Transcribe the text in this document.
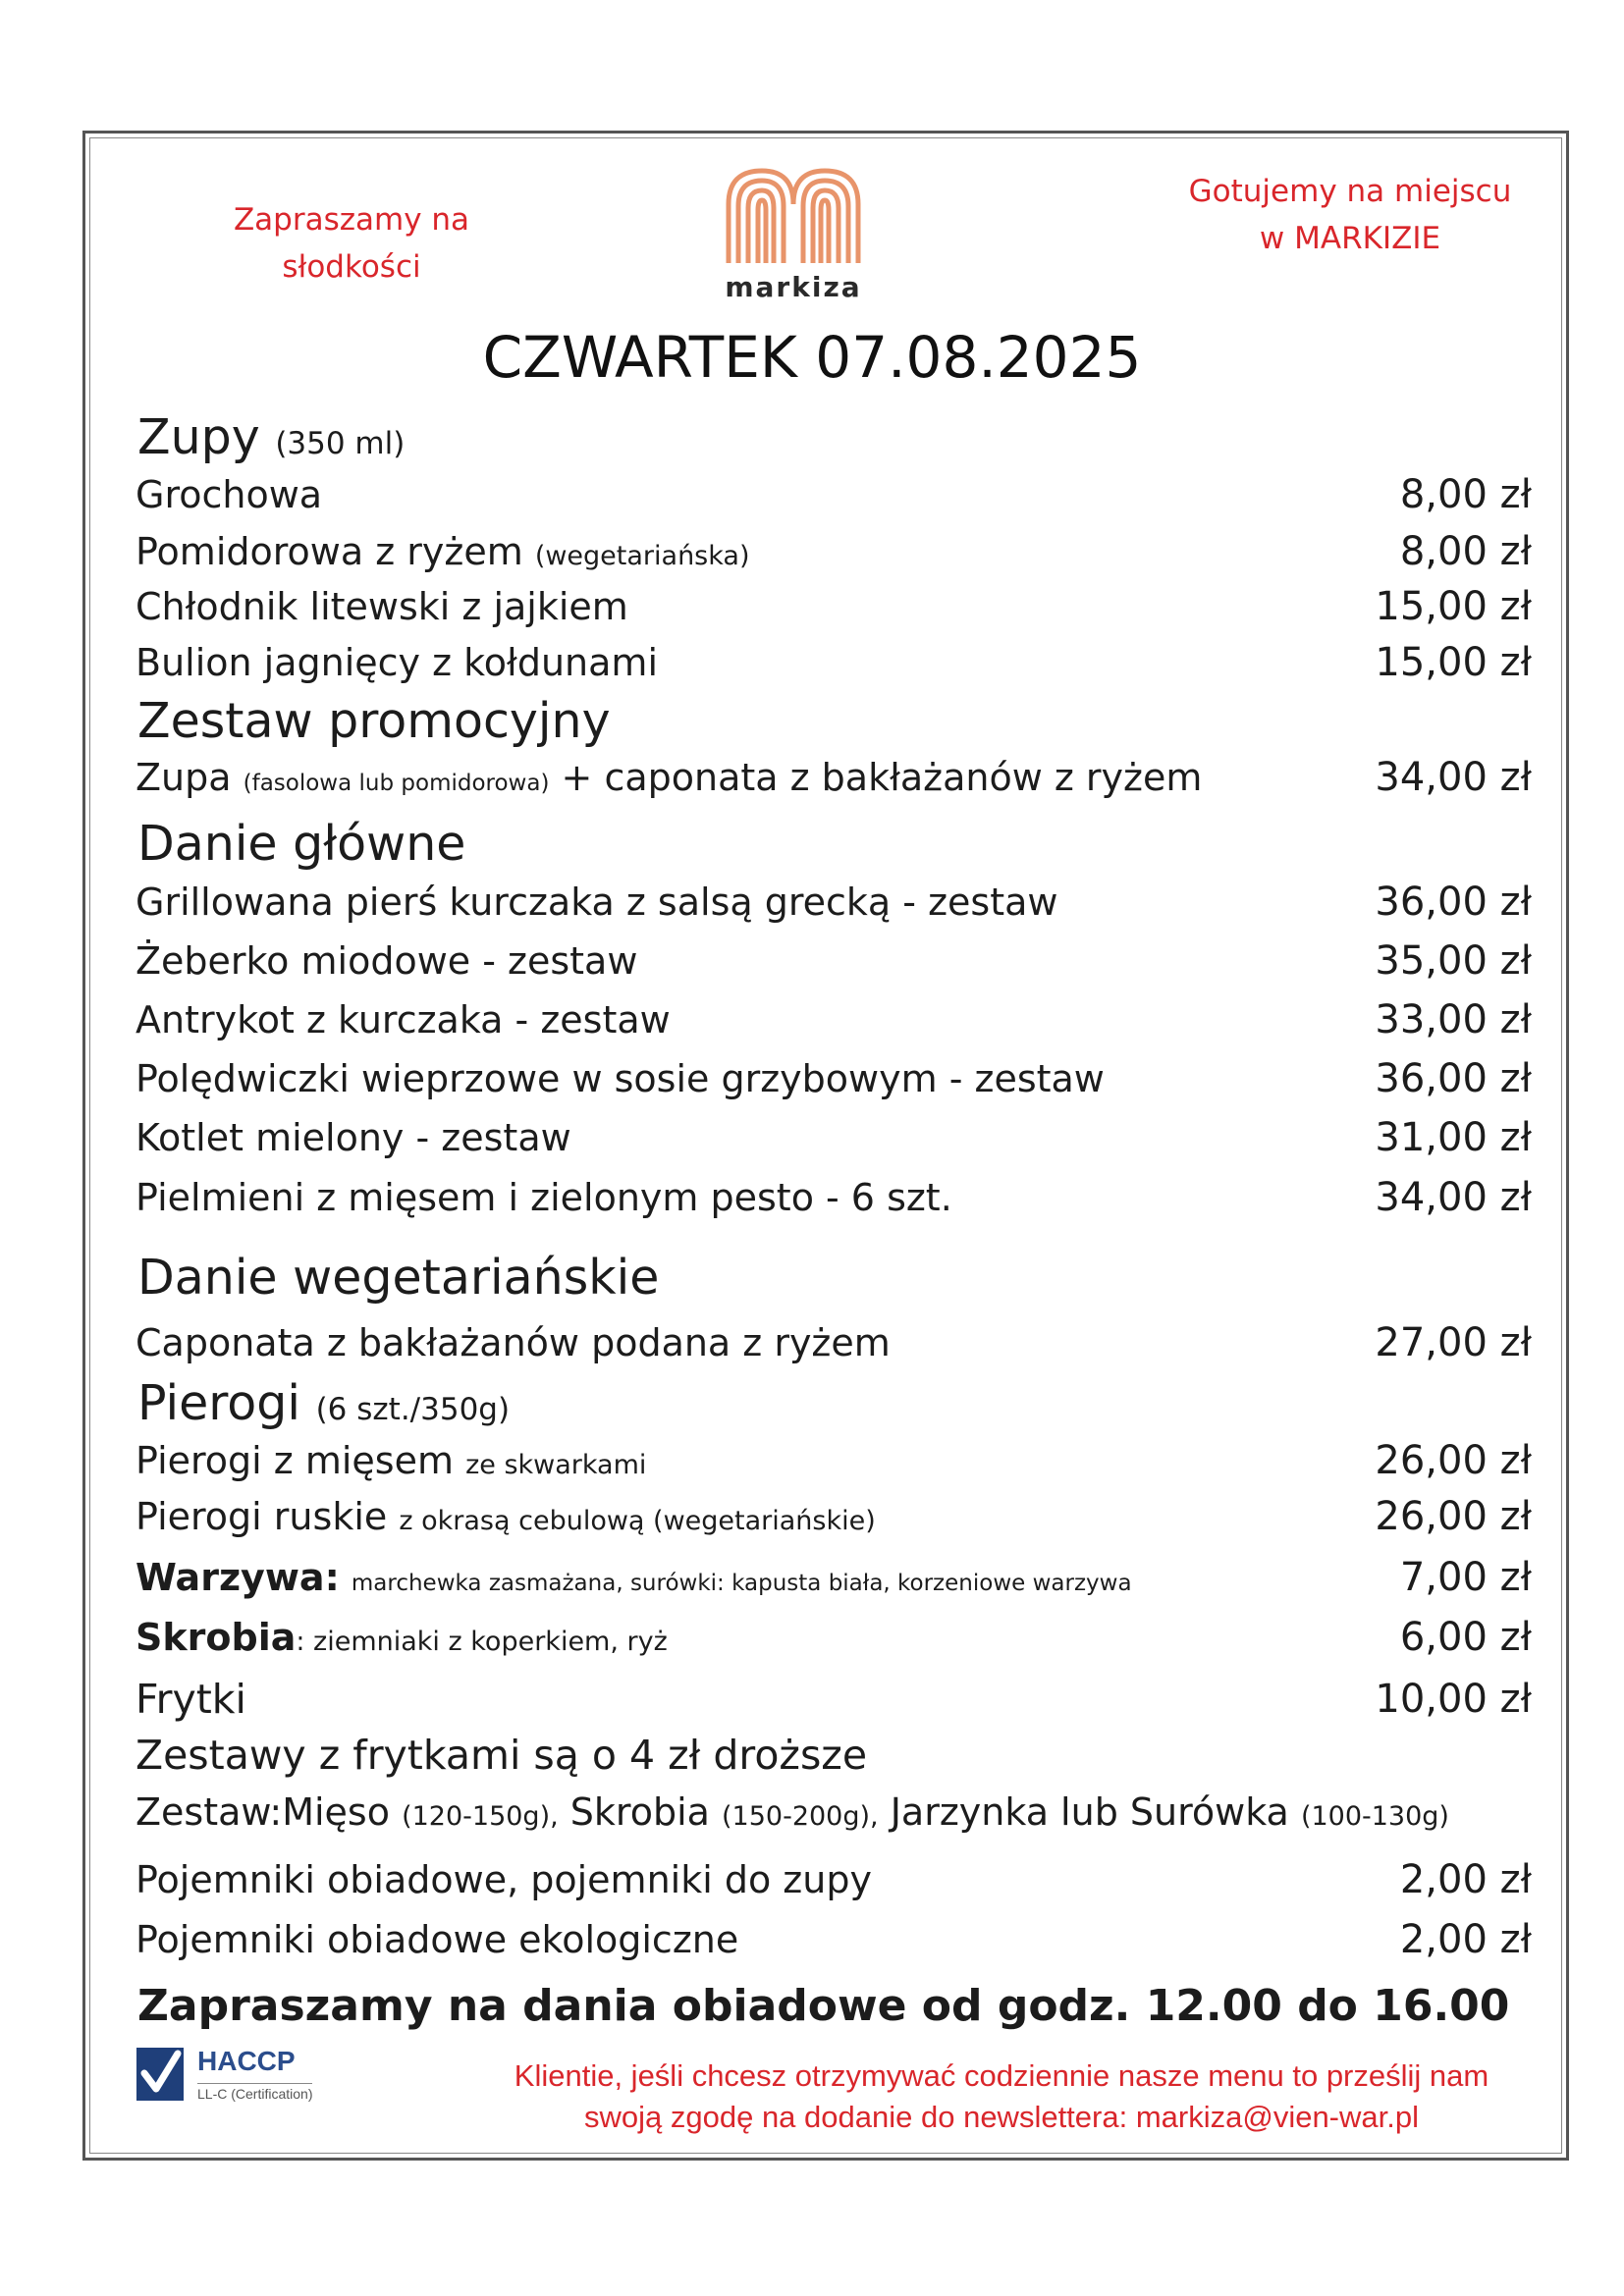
Zapraszamy na
słodkości
markiza
Gotujemy na miejscu
w MARKIZIE
CZWARTEK 07.08.2025
Zupy (350 ml)
Grochowa	8,00 zł
Pomidorowa z ryżem (wegetariańska)	8,00 zł
Chłodnik litewski z jajkiem	15,00 zł
Bulion jagnięcy z kołdunami	15,00 zł
Zestaw promocyjny
Zupa (fasolowa lub pomidorowa) + caponata z bakłażanów z ryżem	34,00 zł
Danie główne
Grillowana pierś kurczaka z salsą grecką - zestaw	36,00 zł
Żeberko miodowe - zestaw	35,00 zł
Antrykot z kurczaka - zestaw	33,00 zł
Polędwiczki wieprzowe w sosie grzybowym - zestaw	36,00 zł
Kotlet mielony - zestaw	31,00 zł
Pielmieni z mięsem i zielonym pesto - 6 szt.	34,00 zł
Danie wegetariańskie
Caponata z bakłażanów podana z ryżem	27,00 zł
Pierogi (6 szt./350g)
Pierogi z mięsem ze skwarkami	26,00 zł
Pierogi ruskie z okrasą cebulową (wegetariańskie)	26,00 zł
Warzywa: marchewka zasmażana, surówki: kapusta biała, korzeniowe warzywa	7,00 zł
Skrobia: ziemniaki z koperkiem, ryż	6,00 zł
Frytki	10,00 zł
Zestawy z frytkami są o 4 zł droższe
Zestaw:Mięso (120-150g), Skrobia (150-200g), Jarzynka lub Surówka (100-130g)
Pojemniki obiadowe, pojemniki do zupy	2,00 zł
Pojemniki obiadowe ekologiczne	2,00 zł
Zapraszamy na dania obiadowe od godz. 12.00 do 16.00
HACCP
LL-C (Certification)
Klientie, jeśli chcesz otrzymywać codziennie nasze menu to prześlij nam
swoją zgodę na dodanie do newslettera: markiza@vien-war.pl
